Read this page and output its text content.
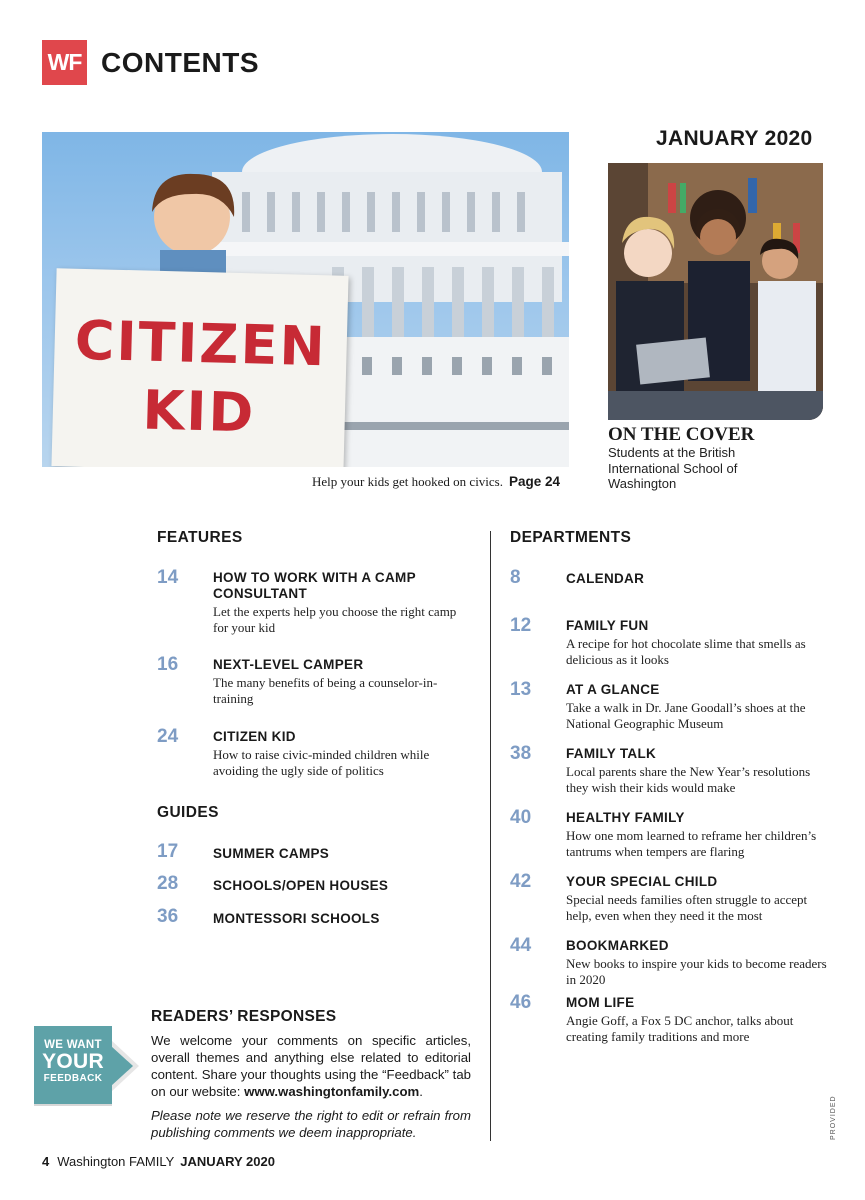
WF CONTENTS
CITIZEN
KID
Help your kids get hooked on civics. Page 24
JANUARY 2020
ON THE COVER
Students at the British International School of Washington
FEATURES
14	HOW TO WORK WITH A CAMP CONSULTANT
Let the experts help you choose the right camp for your kid
16	NEXT-LEVEL CAMPER
The many benefits of being a counselor-in-training
24	CITIZEN KID
How to raise civic-minded children while avoiding the ugly side of politics
GUIDES
17	SUMMER CAMPS
28	SCHOOLS/OPEN HOUSES
36	MONTESSORI SCHOOLS
DEPARTMENTS
8	CALENDAR
12	FAMILY FUN
A recipe for hot chocolate slime that smells as delicious as it looks
13	AT A GLANCE
Take a walk in Dr. Jane Goodall’s shoes at the National Geographic Museum
38	FAMILY TALK
Local parents share the New Year’s resolutions they wish their kids would make
40	HEALTHY FAMILY
How one mom learned to reframe her children’s tantrums when tempers are flaring
42	YOUR SPECIAL CHILD
Special needs families often struggle to accept help, even when they need it the most
44	BOOKMARKED
New books to inspire your kids to become readers in 2020
46	MOM LIFE
Angie Goff, a Fox 5 DC anchor, talks about creating family traditions and more
WE WANT
YOUR
FEEDBACK
READERS’ RESPONSES
We welcome your comments on specific articles, overall themes and anything else related to editorial content. Share your thoughts using the “Feedback” tab on our website: www.washingtonfamily.com.
Please note we reserve the right to edit or refrain from publishing comments we deem inappropriate.
4 Washington FAMILY JANUARY 2020
PROVIDED
